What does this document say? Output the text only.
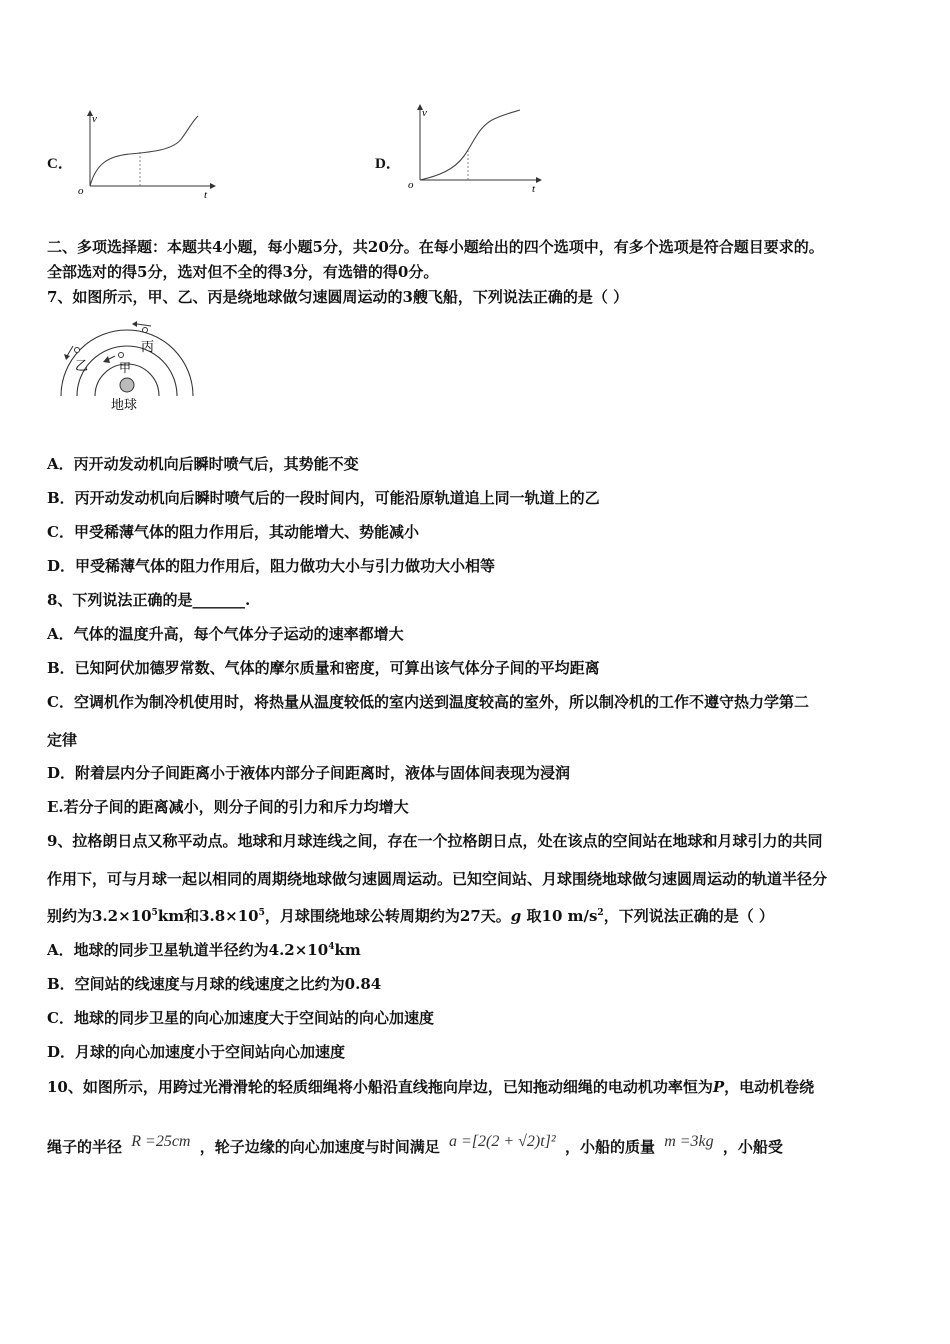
C．
v
t
o
D．
v
t
o
二、多项选择题：本题共4小题，每小题5分，共20分。在每小题给出的四个选项中，有多个选项是符合题目要求的。
全部选对的得5分，选对但不全的得3分，有选错的得0分。
7、如图所示，甲、乙、丙是绕地球做匀速圆周运动的3艘飞船，下列说法正确的是（ ）
丙
乙	甲
地球
A．丙开动发动机向后瞬时喷气后，其势能不变
B．丙开动发动机向后瞬时喷气后的一段时间内，可能沿原轨道追上同一轨道上的乙
C．甲受稀薄气体的阻力作用后，其动能增大、势能减小
D．甲受稀薄气体的阻力作用后，阻力做功大小与引力做功大小相等
8、下列说法正确的是_______.
A．气体的温度升高，每个气体分子运动的速率都增大
B．已知阿伏加德罗常数、气体的摩尔质量和密度，可算出该气体分子间的平均距离
C．空调机作为制冷机使用时，将热量从温度较低的室内送到温度较高的室外，所以制冷机的工作不遵守热力学第二
定律
D．附着层内分子间距离小于液体内部分子间距离时，液体与固体间表现为浸润
E.若分子间的距离减小，则分子间的引力和斥力均增大
9、拉格朗日点又称平动点。地球和月球连线之间，存在一个拉格朗日点，处在该点的空间站在地球和月球引力的共同
作用下，可与月球一起以相同的周期绕地球做匀速圆周运动。已知空间站、月球围绕地球做匀速圆周运动的轨道半径分
别约为$3.2\times 10^5km$和$3.8\times 10^5$，月球围绕地球公转周期约为27天。g 取10 $m/s^2$，下列说法正确的是（ ）
A．地球的同步卫星轨道半径约为$4.2\times 10^4km$
B．空间站的线速度与月球的线速度之比约为0.84
C．地球的同步卫星的向心加速度大于空间站的向心加速度
D．月球的向心加速度小于空间站向心加速度
10、如图所示，用跨过光滑滑轮的轻质细绳将小船沿直线拖向岸边，已知拖动细绳的电动机功率恒为P，电动机卷绕
绳子的半径 R =25cm ，轮子边缘的向心加速度与时间满足 a =[2(2 + √2)t]² ，小船的质量 m =3kg ，小船受
